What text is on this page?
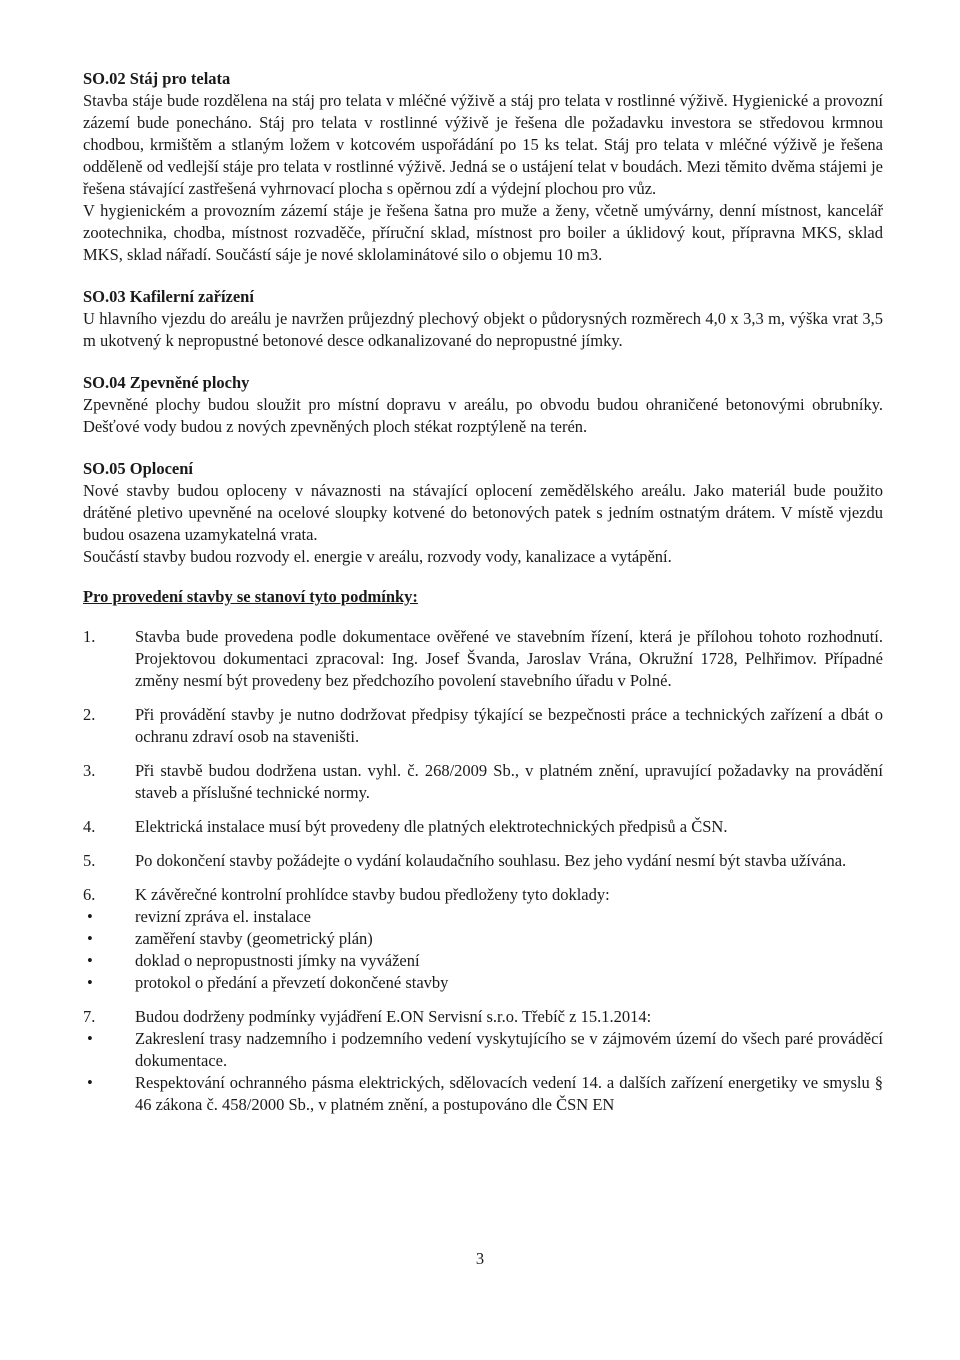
SO.02 Stáj pro telata

Stavba stáje bude rozdělena na stáj pro telata v mléčné výživě a stáj pro telata v rostlinné výživě. Hygienické a provozní zázemí bude ponecháno. Stáj pro telata v rostlinné výživě je řešena dle požadavku investora se středovou krmnou chodbou, krmištěm a stlaným ložem v kotcovém uspořádání po 15 ks telat. Stáj pro telata v mléčné výživě je řešena odděleně od vedlejší stáje pro telata v rostlinné výživě. Jedná se o ustájení telat v boudách. Mezi těmito dvěma stájemi je řešena stávající zastřešená vyhrnovací plocha s opěrnou zdí a výdejní plochou pro vůz.

V hygienickém a provozním zázemí stáje je řešena šatna pro muže a ženy, včetně umývárny, denní místnost, kancelář zootechnika, chodba, místnost rozvaděče, příruční sklad, místnost pro boiler a úklidový kout, přípravna MKS, sklad MKS, sklad nářadí. Součástí sáje je nové sklolaminátové silo o objemu 10 m3.

SO.03 Kafilerní zařízení

U hlavního vjezdu do areálu je navržen průjezdný plechový objekt o půdorysných rozměrech 4,0 x 3,3 m, výška vrat 3,5 m ukotvený k nepropustné betonové desce odkanalizované do nepropustné jímky.

SO.04 Zpevněné plochy

Zpevněné plochy budou sloužit pro místní dopravu v areálu, po obvodu budou ohraničené betonovými obrubníky. Dešťové vody budou z nových zpevněných ploch stékat rozptýleně na terén.

SO.05 Oplocení

Nové stavby budou oploceny v návaznosti na stávající oplocení zemědělského areálu. Jako materiál bude použito drátěné pletivo upevněné na ocelové sloupky kotvené do betonových patek s jedním ostnatým drátem. V místě vjezdu budou osazena uzamykatelná vrata.

Součástí stavby budou rozvody el. energie v areálu, rozvody vody, kanalizace a vytápění.

Pro provedení stavby se stanoví tyto podmínky:
1.	Stavba bude provedena podle dokumentace ověřené ve stavebním řízení, která je přílohou tohoto rozhodnutí. Projektovou dokumentaci zpracoval: Ing. Josef Švanda, Jaroslav Vrána, Okružní 1728, Pelhřimov. Případné změny nesmí být provedeny bez předchozího povolení stavebního úřadu v Polné.
2.	Při provádění stavby je nutno dodržovat předpisy týkající se bezpečnosti práce a technických zařízení a dbát o ochranu zdraví osob na staveništi.
3.	Při stavbě budou dodržena ustan. vyhl. č. 268/2009 Sb., v platném znění, upravující požadavky na provádění staveb a příslušné technické normy.
4.	Elektrická instalace musí být provedeny dle platných elektrotechnických předpisů a ČSN.
5.	Po dokončení stavby požádejte o vydání kolaudačního souhlasu. Bez jeho vydání nesmí být stavba užívána.
6.	K závěrečné kontrolní prohlídce stavby budou předloženy tyto doklady:
•	revizní zpráva el. instalace
•	zaměření stavby (geometrický plán)
•	doklad o nepropustnosti jímky na vyvážení
•	protokol o předání a převzetí dokončené stavby
7.	Budou dodrženy podmínky vyjádření E.ON Servisní s.r.o. Třebíč z 15.1.2014:
•	Zakreslení trasy nadzemního i podzemního vedení vyskytujícího se v zájmovém území do všech paré prováděcí dokumentace.
•	Respektování ochranného pásma elektrických, sdělovacích vedení 14. a dalších zařízení energetiky ve smyslu § 46 zákona č. 458/2000 Sb., v platném znění, a postupováno dle ČSN EN
3
